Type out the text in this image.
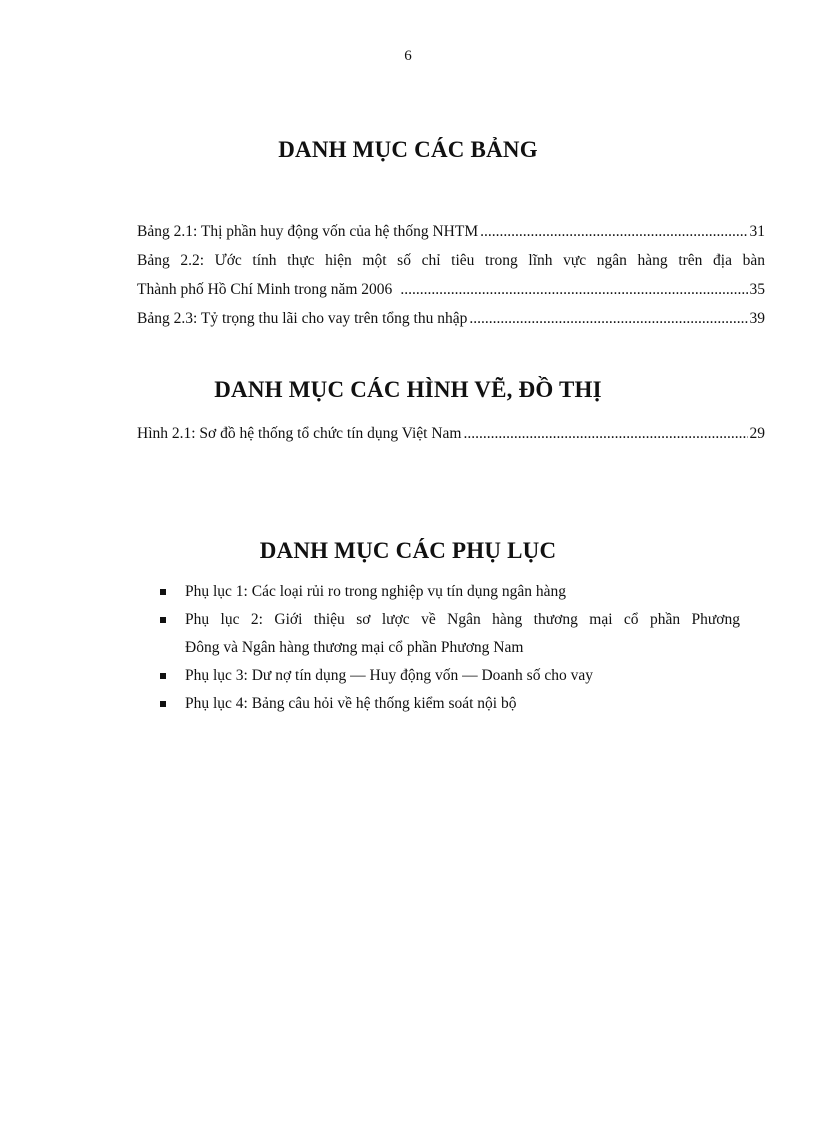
6
DANH MỤC CÁC BẢNG
Bảng 2.1: Thị phần huy động vốn của hệ thống NHTM .....	31
Bảng 2.2: Ước tính thực hiện một số chỉ tiêu trong lĩnh vực ngân hàng trên địa bàn
Thành phố Hồ Chí Minh trong năm 2006 .....	35
Bảng 2.3: Tỷ trọng thu lãi cho vay trên tổng thu nhập .....	39
DANH MỤC CÁC HÌNH VẼ, ĐỒ THỊ
Hình 2.1: Sơ đồ hệ thống tổ chức tín dụng Việt Nam .....	29
DANH MỤC CÁC PHỤ LỤC
Phụ lục 1: Các loại rủi ro trong nghiệp vụ tín dụng ngân hàng
Phụ lục 2: Giới thiệu sơ lược về Ngân hàng thương mại cổ phần Phương
Đông và Ngân hàng thương mại cổ phần Phương Nam
Phụ lục 3: Dư nợ tín dụng — Huy động vốn — Doanh số cho vay
Phụ lục 4: Bảng câu hỏi về hệ thống kiểm soát nội bộ
